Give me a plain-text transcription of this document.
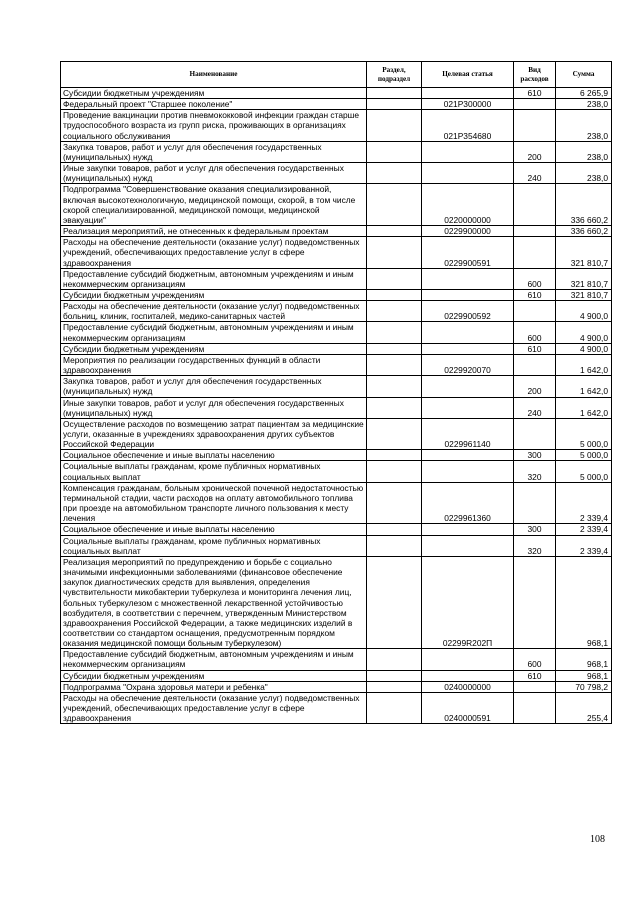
Наименование	Раздел, подраздел	Целевая статья	Вид расходов	Сумма
Субсидии бюджетным учреждениям			610	6 265,9
Федеральный проект "Старшее поколение"		021Р300000		238,0
Проведение вакцинации против пневмококковой инфекции граждан старше трудоспособного возраста из групп риска, проживающих в организациях социального обслуживания		021Р354680		238,0
Закупка товаров, работ и услуг для обеспечения государственных (муниципальных) нужд			200	238,0
Иные закупки товаров, работ и услуг для обеспечения государственных (муниципальных) нужд			240	238,0
Подпрограмма "Совершенствование оказания специализированной, включая высокотехнологичную, медицинской помощи, скорой, в том числе скорой специализированной, медицинской помощи, медицинской эвакуации"		0220000000		336 660,2
Реализация мероприятий, не отнесенных к федеральным проектам		0229900000		336 660,2
Расходы на обеспечение деятельности (оказание услуг) подведомственных учреждений, обеспечивающих предоставление услуг в сфере здравоохранения		0229900591		321 810,7
Предоставление субсидий бюджетным, автономным учреждениям и иным некоммерческим организациям			600	321 810,7
Субсидии бюджетным учреждениям			610	321 810,7
Расходы на обеспечение деятельности (оказание услуг) подведомственных больниц, клиник, госпиталей, медико-санитарных частей		0229900592		4 900,0
Предоставление субсидий бюджетным, автономным учреждениям и иным некоммерческим организациям			600	4 900,0
Субсидии бюджетным учреждениям			610	4 900,0
Мероприятия по реализации государственных функций в области здравоохранения		0229920070		1 642,0
Закупка товаров, работ и услуг для обеспечения государственных (муниципальных) нужд			200	1 642,0
Иные закупки товаров, работ и услуг для обеспечения государственных (муниципальных) нужд			240	1 642,0
Осуществление расходов по возмещению затрат пациентам за медицинские услуги, оказанные в учреждениях здравоохранения других субъектов Российской Федерации		0229961140		5 000,0
Социальное обеспечение и иные выплаты населению			300	5 000,0
Социальные выплаты гражданам, кроме публичных нормативных социальных выплат			320	5 000,0
Компенсация гражданам, больным хронической почечной недостаточностью терминальной стадии, части расходов на оплату автомобильного топлива при проезде на автомобильном транспорте личного пользования к месту лечения		0229961360		2 339,4
Социальное обеспечение и иные выплаты населению			300	2 339,4
Социальные выплаты гражданам, кроме публичных нормативных социальных выплат			320	2 339,4
Реализация мероприятий по предупреждению и борьбе с социально значимыми инфекционными заболеваниями (финансовое обеспечение закупок диагностических средств для выявления, определения чувствительности микобактерии туберкулеза и мониторинга лечения лиц, больных туберкулезом с множественной лекарственной устойчивостью возбудителя, в соответствии с перечнем, утвержденным Министерством здравоохранения Российской Федерации, а также медицинских изделий в соответствии со стандартом оснащения, предусмотренным порядком оказания медицинской помощи больным туберкулезом)		02299R202П		968,1
Предоставление субсидий бюджетным, автономным учреждениям и иным некоммерческим организациям			600	968,1
Субсидии бюджетным учреждениям			610	968,1
Подпрограмма "Охрана здоровья матери и ребенка"		0240000000		70 798,2
Расходы на обеспечение деятельности (оказание услуг) подведомственных учреждений, обеспечивающих предоставление услуг в сфере здравоохранения		0240000591		255,4
108
